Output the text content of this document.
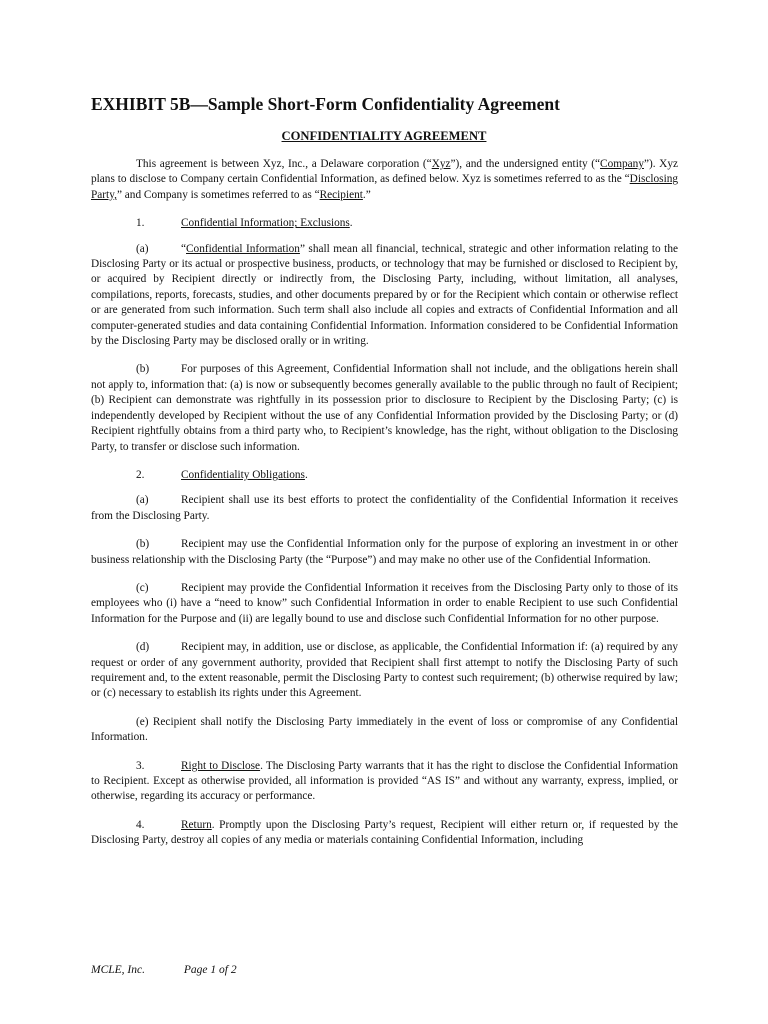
EXHIBIT 5B—Sample Short-Form Confidentiality Agreement
CONFIDENTIALITY AGREEMENT

This agreement is between Xyz, Inc., a Delaware corporation (“Xyz”), and the undersigned entity (“Company”). Xyz plans to disclose to Company certain Confidential Information, as defined below. Xyz is sometimes referred to as the “Disclosing Party,” and Company is sometimes referred to as “Recipient.”

1.	Confidential Information; Exclusions.

(a)	“Confidential Information” shall mean all financial, technical, strategic and other information relating to the Disclosing Party or its actual or prospective business, products, or technology that may be furnished or disclosed to Recipient by, or acquired by Recipient directly or indirectly from, the Disclosing Party, including, without limitation, all analyses, compilations, reports, forecasts, studies, and other documents prepared by or for the Recipient which contain or otherwise reflect or are generated from such information. Such term shall also include all copies and extracts of Confidential Information and all computer-generated studies and data containing Confidential Information. Information considered to be Confidential Information by the Disclosing Party may be disclosed orally or in writing.

(b)	For purposes of this Agreement, Confidential Information shall not include, and the obligations herein shall not apply to, information that: (a) is now or subsequently becomes generally available to the public through no fault of Recipient; (b) Recipient can demonstrate was rightfully in its possession prior to disclosure to Recipient by the Disclosing Party; (c) is independently developed by Recipient without the use of any Confidential Information provided by the Disclosing Party; or (d) Recipient rightfully obtains from a third party who, to Recipient’s knowledge, has the right, without obligation to the Disclosing Party, to transfer or disclose such information.

2.	Confidentiality Obligations.

(a)	Recipient shall use its best efforts to protect the confidentiality of the Confidential Information it receives from the Disclosing Party.

(b)	Recipient may use the Confidential Information only for the purpose of exploring an investment in or other business relationship with the Disclosing Party (the “Purpose”) and may make no other use of the Confidential Information.

(c)	Recipient may provide the Confidential Information it receives from the Disclosing Party only to those of its employees who (i) have a “need to know” such Confidential Information in order to enable Recipient to use such Confidential Information for the Purpose and (ii) are legally bound to use and disclose such Confidential Information for no other purpose.

(d)	Recipient may, in addition, use or disclose, as applicable, the Confidential Information if: (a) required by any request or order of any government authority, provided that Recipient shall first attempt to notify the Disclosing Party of such requirement and, to the extent reasonable, permit the Disclosing Party to contest such requirement; (b) otherwise required by law; or (c) necessary to establish its rights under this Agreement.

(e) Recipient shall notify the Disclosing Party immediately in the event of loss or compromise of any Confidential Information.

3.	Right to Disclose. The Disclosing Party warrants that it has the right to disclose the Confidential Information to Recipient. Except as otherwise provided, all information is provided “AS IS” and without any warranty, express, implied, or otherwise, regarding its accuracy or performance.

4.	Return. Promptly upon the Disclosing Party’s request, Recipient will either return or, if requested by the Disclosing Party, destroy all copies of any media or materials containing Confidential Information, including

MCLE, Inc.	Page 1 of 2
